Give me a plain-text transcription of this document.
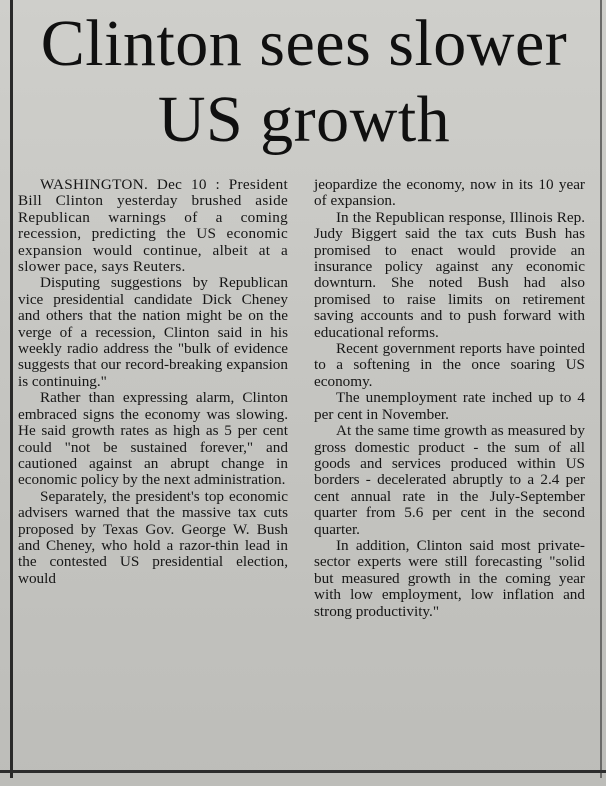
Clinton sees slower US growth

WASHINGTON. Dec 10 : President Bill Clinton yesterday brushed aside Republican warnings of a coming recession, predicting the US economic expansion would continue, albeit at a slower pace, says Reuters.

Disputing suggestions by Republican vice presidential candidate Dick Cheney and others that the nation might be on the verge of a recession, Clinton said in his weekly radio address the "bulk of evidence suggests that our record-breaking expansion is continuing."

Rather than expressing alarm, Clinton embraced signs the economy was slowing. He said growth rates as high as 5 per cent could "not be sustained forever," and cautioned against an abrupt change in economic policy by the next administration.

Separately, the president's top economic advisers warned that the massive tax cuts proposed by Texas Gov. George W. Bush and Cheney, who hold a razor-thin lead in the contested US presidential election, would

jeopardize the economy, now in its 10 year of expansion.

In the Republican response, Illinois Rep. Judy Biggert said the tax cuts Bush has promised to enact would provide an insurance policy against any economic downturn. She noted Bush had also promised to raise limits on retirement saving accounts and to push forward with educational reforms.

Recent government reports have pointed to a softening in the once soaring US economy.

The unemployment rate inched up to 4 per cent in November.

At the same time growth as measured by gross domestic product - the sum of all goods and services produced within US borders - decelerated abruptly to a 2.4 per cent annual rate in the July-September quarter from 5.6 per cent in the second quarter.

In addition, Clinton said most private-sector experts were still forecasting "solid but measured growth in the coming year with low employment, low inflation and strong productivity."
